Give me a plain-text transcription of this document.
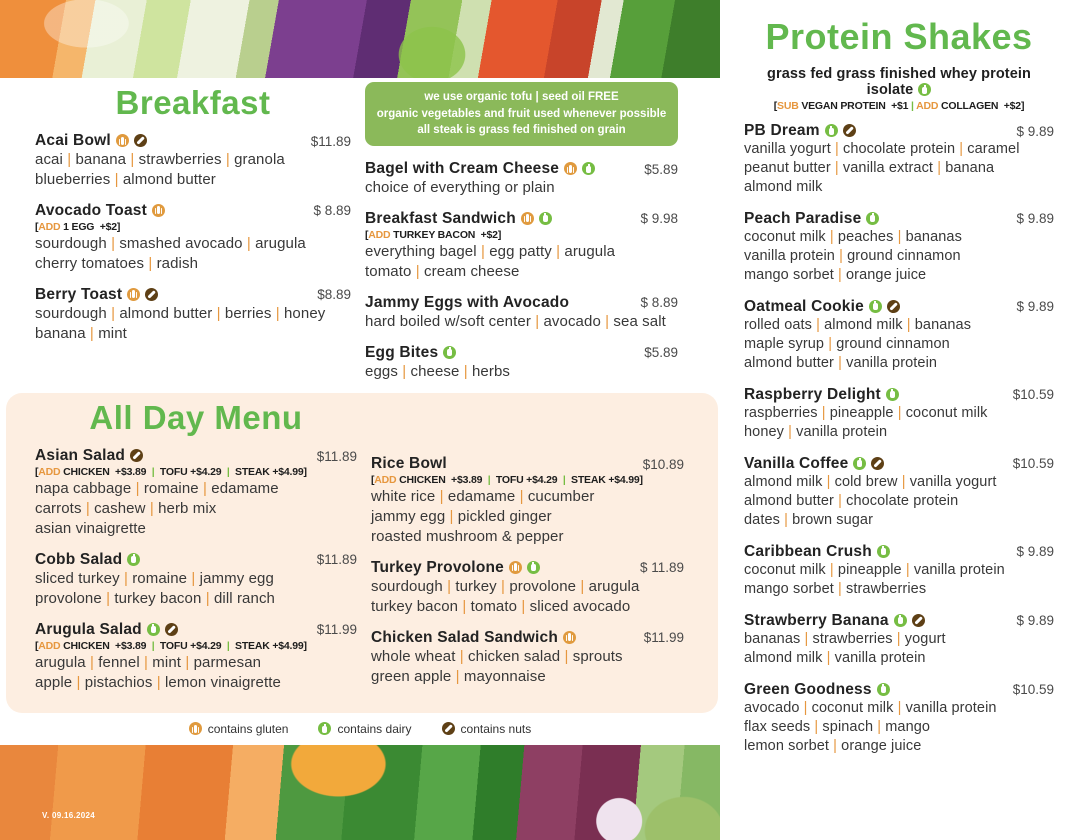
Breakfast
Acai Bowl	$11.89
acai | banana | strawberries | granola
blueberries | almond butter
Avocado Toast	$ 8.89
[ADD 1 EGG  +$2]
sourdough | smashed avocado | arugula
cherry tomatoes | radish
Berry Toast	$8.89
sourdough | almond butter | berries | honey
banana | mint
we use organic tofu | seed oil FREE
organic vegetables and fruit used whenever possible
all steak is grass fed finished on grain
Bagel with Cream Cheese	$5.89
choice of everything or plain
Breakfast Sandwich	$ 9.98
[ADD TURKEY BACON  +$2]
everything bagel | egg patty | arugula
tomato | cream cheese
Jammy Eggs with Avocado	$ 8.89
hard boiled w/soft center | avocado | sea salt
Egg Bites	$5.89
eggs | cheese | herbs
All Day Menu
Asian Salad	$11.89
[ADD CHICKEN  +$3.89  |  TOFU +$4.29  |  STEAK +$4.99]
napa cabbage | romaine | edamame
carrots | cashew | herb mix
asian vinaigrette
Cobb Salad	$11.89
sliced turkey | romaine | jammy egg
provolone | turkey bacon | dill ranch
Arugula Salad	$11.99
[ADD CHICKEN  +$3.89  |  TOFU +$4.29  |  STEAK +$4.99]
arugula | fennel | mint | parmesan
apple | pistachios | lemon vinaigrette
Rice Bowl	$10.89
[ADD CHICKEN  +$3.89  |  TOFU +$4.29  |  STEAK +$4.99]
white rice | edamame | cucumber
jammy egg | pickled ginger
roasted mushroom & pepper
Turkey Provolone	$ 11.89
sourdough | turkey | provolone | arugula
turkey bacon | tomato | sliced avocado
Chicken Salad Sandwich	$11.99
whole wheat | chicken salad | sprouts
green apple | mayonnaise
contains gluten	contains dairy	contains nuts
V. 09.16.2024
Protein Shakes
grass fed grass finished whey protein isolate
[SUB VEGAN PROTEIN  +$1 | ADD COLLAGEN  +$2]
PB Dream	$ 9.89
vanilla yogurt | chocolate protein | caramel
peanut butter | vanilla extract | banana
almond milk
Peach Paradise	$ 9.89
coconut milk | peaches | bananas
vanilla protein | ground cinnamon
mango sorbet | orange juice
Oatmeal Cookie	$ 9.89
rolled oats | almond milk | bananas
maple syrup | ground cinnamon
almond butter | vanilla protein
Raspberry Delight	$10.59
raspberries | pineapple | coconut milk
honey | vanilla protein
Vanilla Coffee	$10.59
almond milk | cold brew | vanilla yogurt
almond butter | chocolate protein
dates | brown sugar
Caribbean Crush	$ 9.89
coconut milk | pineapple | vanilla protein
mango sorbet | strawberries
Strawberry Banana	$ 9.89
bananas | strawberries | yogurt
almond milk | vanilla protein
Green Goodness	$10.59
avocado | coconut milk | vanilla protein
flax seeds | spinach | mango
lemon sorbet | orange juice
